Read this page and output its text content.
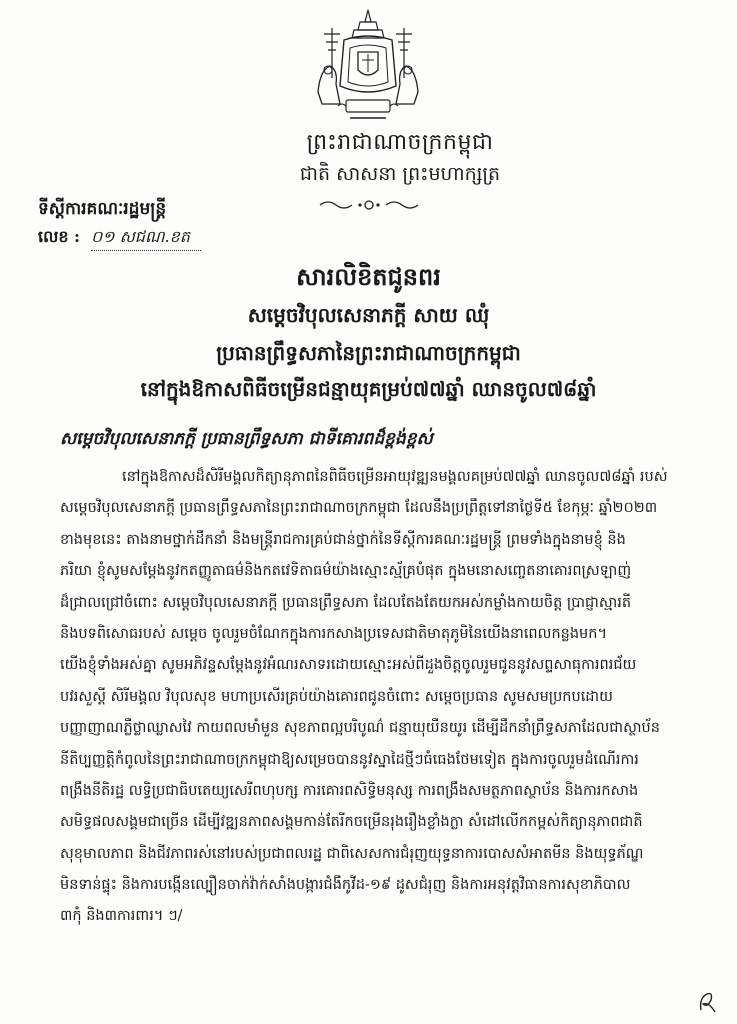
ព្រះរាជាណាចក្រកម្ពុជា
ជាតិ សាសនា ព្រះមហាក្សត្រ
ទីស្តីការគណៈរដ្ឋមន្ត្រី
លេខ : ០១ សជណ.ខត
សារលិខិតជូនពរ
សម្តេចវិបុលសេនាភក្តី សាយ ឈុំ
ប្រធានព្រឹទ្ធសភានៃព្រះរាជាណាចក្រកម្ពុជា
នៅក្នុងឱកាសពិធីចម្រើនជន្មាយុគម្រប់៧៧ឆ្នាំ ឈានចូល៧៨ឆ្នាំ
សម្តេចវិបុលសេនាភក្តី ប្រធានព្រឹទ្ធសភា ជាទីគោរពដ៏ខ្ពង់ខ្ពស់
នៅក្នុងឱកាសដ៏សិរីមង្គលកិត្យានុភាពនៃពិធីចម្រើនអាយុវឌ្ឍនមង្គលគម្រប់៧៧ឆ្នាំ ឈានចូល៧៨ឆ្នាំ របស់
សម្តេចវិបុលសេនាភក្តី ប្រធានព្រឹទ្ធសភានៃព្រះរាជាណាចក្រកម្ពុជា ដែលនឹងប្រព្រឹត្តទៅនាថ្ងៃទី៥ ខែកុម្ភៈ ឆ្នាំ២០២៣
ខាងមុខនេះ តាងនាមថ្នាក់ដឹកនាំ និងមន្ត្រីរាជការគ្រប់ជាន់ថ្នាក់នៃទីស្តីការគណៈរដ្ឋមន្ត្រី ព្រមទាំងក្នុងនាមខ្ញុំ និង
ភរិយា ខ្ញុំសូមសម្តែងនូវកតញ្ញូតាធម៌និងកតវេទិតាធម៌យ៉ាងស្មោះស្ម័គ្របំផុត ក្នុងមនោសញ្ចេតនាគោរពស្រឡាញ់
ដ៏ជ្រាលជ្រៅចំពោះ សម្តេចវិបុលសេនាភក្តី ប្រធានព្រឹទ្ធសភា ដែលតែងតែយកអស់កម្លាំងកាយចិត្ត ប្រាជ្ញាស្មារតី
និងបទពិសោធរបស់ សម្តេច ចូលរួមចំណែកក្នុងការកសាងប្រទេសជាតិមាតុភូមិនៃយើងនាពេលកន្លងមក។
យើងខ្ញុំទាំងអស់គ្នា សូមអភិវន្ទសម្តែងនូវអំណរសាទរដោយស្មោះអស់ពីដួងចិត្តចូលរួមជូននូវសព្ទសាធុការពរជ័យ
បវរសួស្តី សិរីមង្គល វិបុលសុខ មហាប្រសើរគ្រប់យ៉ាងគោរពជូនចំពោះ សម្តេចប្រធាន សូមសមប្រកបដោយ
បញ្ញាញាណភ្លឺថ្លាឈ្លាសវៃ កាយពលមាំមួន សុខភាពល្អបរិបូណ៌ ជន្មាយុយឺនយូរ ដើម្បីដឹកនាំព្រឹទ្ធសភាដែលជាស្ថាប័ន
នីតិប្បញ្ញត្តិកំពូលនៃព្រះរាជាណាចក្រកម្ពុជាឱ្យសម្រេចបាននូវស្នាដៃថ្មីៗធំធេងថែមទៀត ក្នុងការចូលរួមដំណើរការ
ពង្រឹងនីតិរដ្ឋ លទ្ធិប្រជាធិបតេយ្យសេរីពហុបក្ស ការគោរពសិទ្ធិមនុស្ស ការពង្រឹងសមត្ថភាពស្ថាប័ន និងការកសាង
សមិទ្ធផលសង្គមជាច្រើន ដើម្បីវឌ្ឍនភាពសង្គមកាន់តែរីកចម្រើនរុងរឿងខ្លាំងក្លា សំដៅលើកកម្ពស់កិត្យានុភាពជាតិ
សុខុមាលភាព និងជីវភាពរស់នៅរបស់ប្រជាពលរដ្ឋ ជាពិសេសការជំរុញយុទ្ធនាការបោសសំអាតមីន និងយុទ្ធភ័ណ្ឌ
មិនទាន់ផ្ទុះ និងការបង្កើនល្បឿនចាក់វ៉ាក់សាំងបង្ការជំងឺកូវីដ-១៩ ដូសជំរុញ និងការអនុវត្តវិធានការសុខាភិបាល
៣កុំ និង៣ការពារ។ ៗ/
